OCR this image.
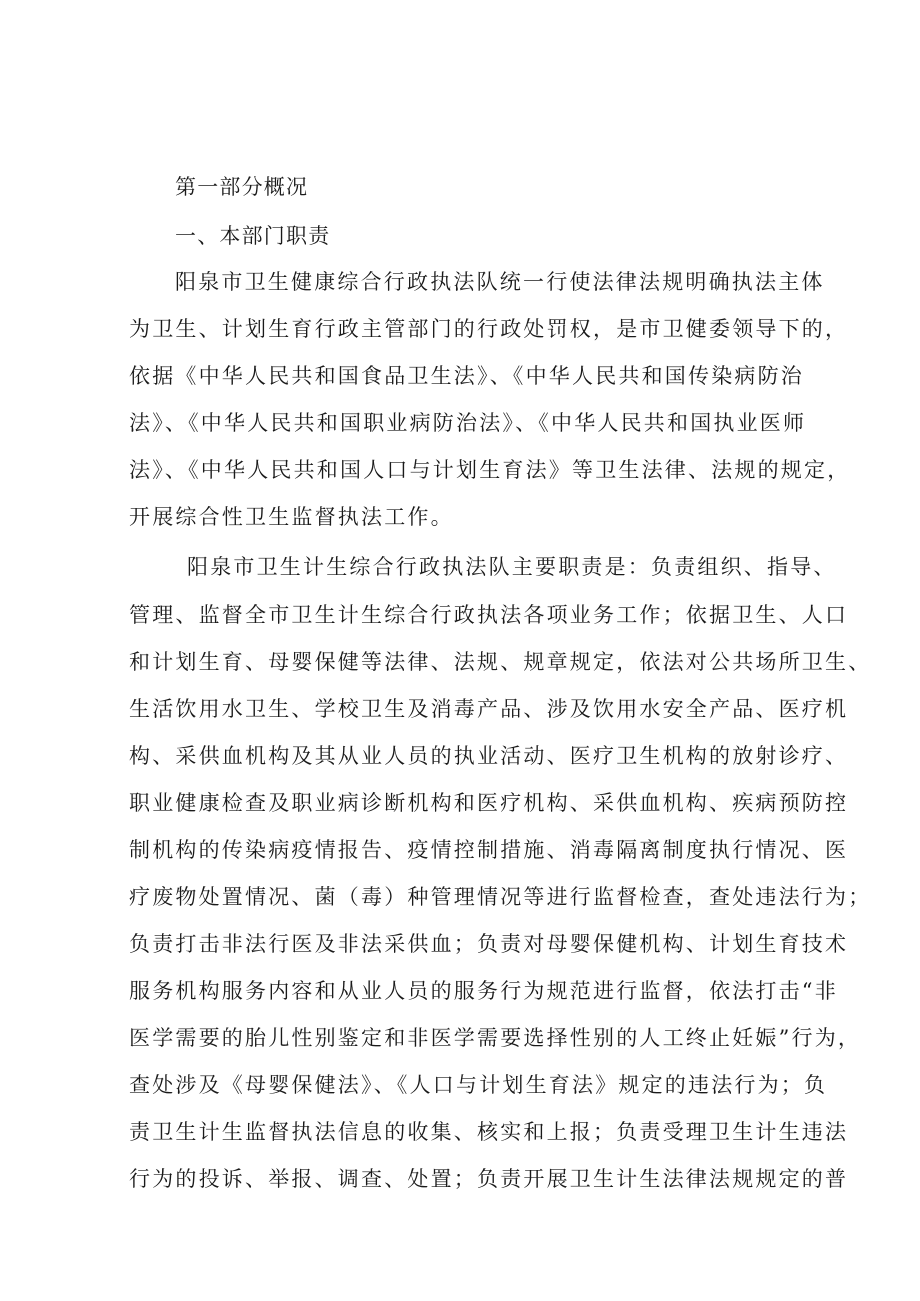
第一部分概况
一、本部门职责
阳泉市卫生健康综合行政执法队统一行使法律法规明确执法主体
为卫生、计划生育行政主管部门的行政处罚权，是市卫健委领导下的，
依据《中华人民共和国食品卫生法》、《中华人民共和国传染病防治
法》、《中华人民共和国职业病防治法》、《中华人民共和国执业医师
法》、《中华人民共和国人口与计划生育法》等卫生法律、法规的规定，
开展综合性卫生监督执法工作。
阳泉市卫生计生综合行政执法队主要职责是：负责组织、指导、
管理、监督全市卫生计生综合行政执法各项业务工作；依据卫生、人口
和计划生育、母婴保健等法律、法规、规章规定，依法对公共场所卫生、
生活饮用水卫生、学校卫生及消毒产品、涉及饮用水安全产品、医疗机
构、采供血机构及其从业人员的执业活动、医疗卫生机构的放射诊疗、
职业健康检查及职业病诊断机构和医疗机构、采供血机构、疾病预防控
制机构的传染病疫情报告、疫情控制措施、消毒隔离制度执行情况、医
疗废物处置情况、菌（毒）种管理情况等进行监督检查，查处违法行为；
负责打击非法行医及非法采供血；负责对母婴保健机构、计划生育技术
服务机构服务内容和从业人员的服务行为规范进行监督，依法打击“非
医学需要的胎儿性别鉴定和非医学需要选择性别的人工终止妊娠”行为，
查处涉及《母婴保健法》、《人口与计划生育法》规定的违法行为；负
责卫生计生监督执法信息的收集、核实和上报；负责受理卫生计生违法
行为的投诉、举报、调查、处置；负责开展卫生计生法律法规规定的普
